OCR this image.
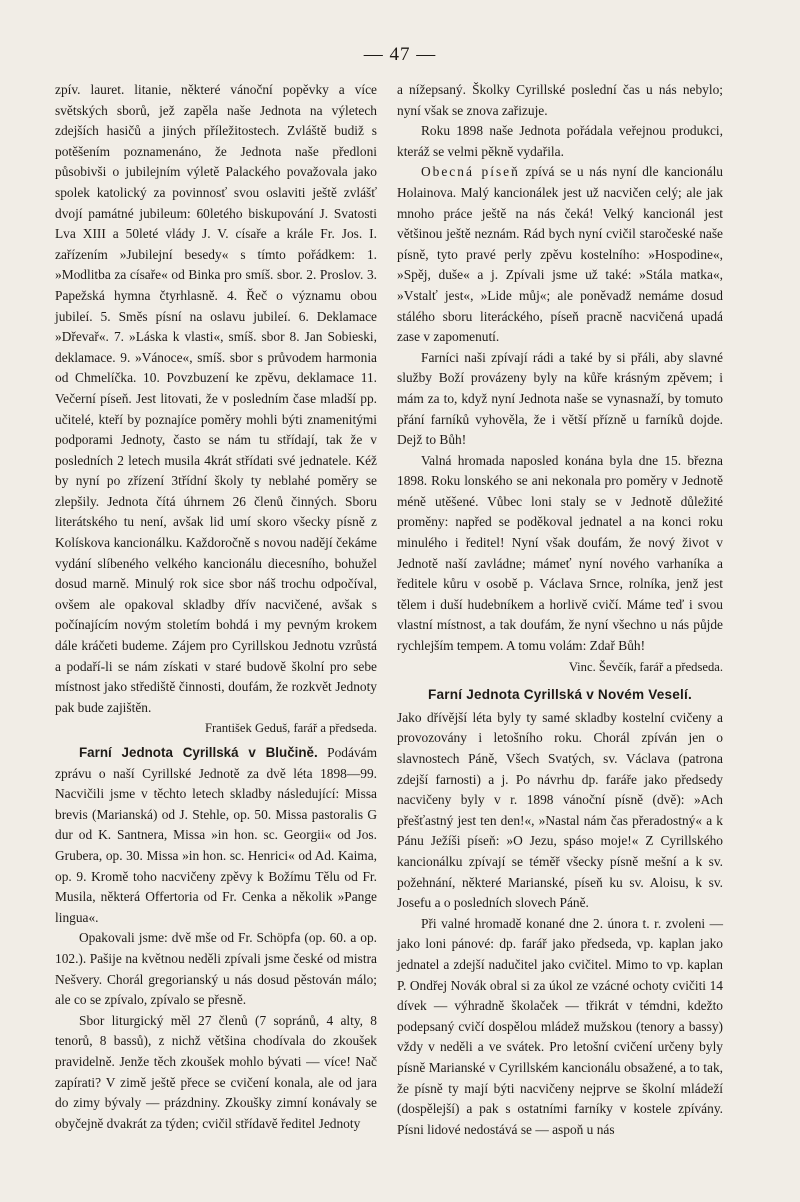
— 47 —

zpív. lauret. litanie, některé vánoční popěvky a více světských sborů, jež zapěla naše Jednota na výletech zdejších hasičů a jiných příležitostech. Zvláště budiž s potěšením poznamenáno, že Jednota naše předloni působivši o jubilejním výletě Palackého považovala jako spolek katolický za povinnosť svou oslaviti ještě zvlášť dvojí památné jubileum: 60letého biskupování J. Svatosti Lva XIII a 50leté vlády J. V. císaře a krále Fr. Jos. I. zařízením »Jubilejní besedy« s tímto pořádkem: 1. »Modlitba za císaře« od Binka pro smíš. sbor. 2. Proslov. 3. Papežská hymna čtyrhlasně. 4. Řeč o významu obou jubileí. 5. Směs písní na oslavu jubileí. 6. Deklamace »Dřevař«. 7. »Láska k vlasti«, smíš. sbor 8. Jan Sobieski, deklamace. 9. »Vánoce«, smíš. sbor s průvodem harmonia od Chmelíčka. 10. Povzbuzení ke zpěvu, deklamace 11. Večerní píseň. Jest litovati, že v posledním čase mladší pp. učitelé, kteří by poznajíce poměry mohli býti znamenitými podporami Jednoty, často se nám tu střídají, tak že v posledních 2 letech musila 4krát střídati své jednatele. Kéž by nyní po zřízení 3třídní školy ty neblahé poměry se zlepšily. Jednota čítá úhrnem 26 členů činných. Sboru literátského tu není, avšak lid umí skoro všecky písně z Kolískova kancionálku. Každoročně s novou nadějí čekáme vydání slíbeného velkého kancionálu diecesního, bohužel dosud marně. Minulý rok sice sbor náš trochu odpočíval, ovšem ale opakoval skladby dřív nacvičené, avšak s počínajícím novým stoletím bohdá i my pevným krokem dále kráčeti budeme. Zájem pro Cyrillskou Jednotu vzrůstá a podaří-li se nám získati v staré budově školní pro sebe místnost jako střediště činnosti, doufám, že rozkvět Jednoty pak bude zajištěn.

František Geduš, farář a předseda.

Farní Jednota Cyrillská v Blučině. Podávám zprávu o naší Cyrillské Jednotě za dvě léta 1898—99. Nacvičili jsme v těchto letech skladby následující: Missa brevis (Marianská) od J. Stehle, op. 50. Missa pastoralis G dur od K. Santnera, Missa »in hon. sc. Georgii« od Jos. Grubera, op. 30. Missa »in hon. sc. Henrici« od Ad. Kaima, op. 9. Kromě toho nacvičeny zpěvy k Božímu Tělu od Fr. Musila, některá Offertoria od Fr. Cenka a několik »Pange lingua«.

Opakovali jsme: dvě mše od Fr. Schöpfa (op. 60. a op. 102.). Pašije na květnou neděli zpívali jsme české od mistra Nešvery. Chorál gregorianský u nás dosud pěstován málo; ale co se zpívalo, zpívalo se přesně.

Sbor liturgický měl 27 členů (7 sopránů, 4 alty, 8 tenorů, 8 bassů), z nichž většina chodívala do zkoušek pravidelně. Jenže těch zkoušek mohlo bývati — více! Nač zapírati? V zimě ještě přece se cvičení konala, ale od jara do zimy bývaly — prázdniny. Zkoušky zimní konávaly se obyčejně dvakrát za týden; cvičil střídavě ředitel Jednoty

a nížepsaný. Školky Cyrillské poslední čas u nás nebylo; nyní však se znova zařizuje.

Roku 1898 naše Jednota pořádala veřejnou produkci, kteráž se velmi pěkně vydařila.

Obecná píseň zpívá se u nás nyní dle kancionálu Holainova. Malý kancionálek jest už nacvičen celý; ale jak mnoho práce ještě na nás čeká! Velký kancionál jest většinou ještě neznám. Rád bych nyní cvičil staročeské naše písně, tyto pravé perly zpěvu kostelního: »Hospodine«, »Spěj, duše« a j. Zpívali jsme už také: »Stála matka«, »Vstalť jest«, »Lide můj«; ale poněvadž nemáme dosud stálého sboru literáckého, píseň pracně nacvičená upadá zase v zapomenutí.

Farníci naši zpívají rádi a také by si přáli, aby slavné služby Boží provázeny byly na kůře krásným zpěvem; i mám za to, když nyní Jednota naše se vynasnaží, by tomuto přání farníků vyhověla, že i větší přízně u farníků dojde. Dejž to Bůh!

Valná hromada naposled konána byla dne 15. března 1898. Roku lonského se ani nekonala pro poměry v Jednotě méně utěšené. Vůbec loni staly se v Jednotě důležité proměny: napřed se poděkoval jednatel a na konci roku minulého i ředitel! Nyní však doufám, že nový život v Jednotě naší zavládne; mámeť nyní nového varhaníka a ředitele kůru v osobě p. Václava Srnce, rolníka, jenž jest tělem i duší hudebníkem a horlivě cvičí. Máme teď i svou vlastní místnost, a tak doufám, že nyní všechno u nás půjde rychlejším tempem. A tomu volám: Zdař Bůh!

Vinc. Ševčík, farář a předseda.

Farní Jednota Cyrillská v Novém Veselí.

Jako dřívější léta byly ty samé skladby kostelní cvičeny a provozovány i letošního roku. Chorál zpíván jen o slavnostech Páně, Všech Svatých, sv. Václava (patrona zdejší farnosti) a j. Po návrhu dp. faráře jako předsedy nacvičeny byly v r. 1898 vánoční písně (dvě): »Ach přešťastný jest ten den!«, »Nastal nám čas přeradostný« a k Pánu Ježíši píseň: »O Jezu, spáso moje!« Z Cyrillského kancionálku zpívají se téměř všecky písně mešní a k sv. požehnání, některé Marianské, píseň ku sv. Aloisu, k sv. Josefu a o posledních slovech Páně.

Při valné hromadě konané dne 2. února t. r. zvoleni — jako loni pánové: dp. farář jako předseda, vp. kaplan jako jednatel a zdejší nadučitel jako cvičitel. Mimo to vp. kaplan P. Ondřej Novák obral si za úkol ze vzácné ochoty cvičiti 14 dívek — výhradně školaček — třikrát v témdni, kdežto podepsaný cvičí dospělou mládež mužskou (tenory a bassy) vždy v neděli a ve svátek. Pro letošní cvičení určeny byly písně Marianské v Cyrillském kancionálu obsažené, a to tak, že písně ty mají býti nacvičeny nejprve se školní mládeží (dospělejší) a pak s ostatními farníky v kostele zpívány. Písni lidové nedostává se — aspoň u nás
